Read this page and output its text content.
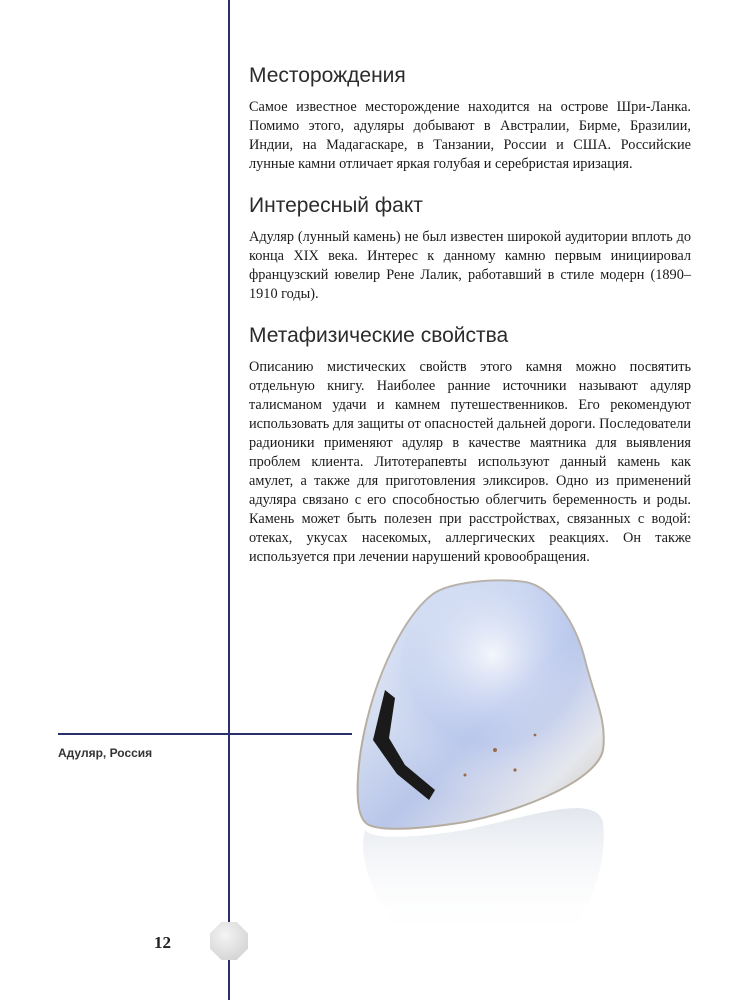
Месторождения

Самое известное месторождение находится на острове Шри-Ланка. Помимо этого, адуляры добывают в Австралии, Бирме, Бразилии, Индии, на Мадагаскаре, в Танзании, России и США. Российские лунные камни отличает яркая голубая и серебристая иризация.

Интересный факт

Адуляр (лунный камень) не был известен широкой аудитории вплоть до конца XIX века. Интерес к данному камню первым инициировал французский ювелир Рене Лалик, работавший в стиле модерн (1890–1910 годы).

Метафизические свойства

Описанию мистических свойств этого камня можно посвятить отдельную книгу. Наиболее ранние источники называют адуляр талисманом удачи и камнем путешественников. Его рекомендуют использовать для защиты от опасностей дальней дороги. Последователи радионики применяют адуляр в качестве маятника для выявления проблем клиента. Литотерапевты используют данный камень как амулет, а также для приготовления эликсиров. Одно из применений адуляра связано с его способностью облегчить беременность и роды. Камень может быть полезен при расстройствах, связанных с водой: отеках, укусах насекомых, аллергических реакциях. Он также используется при лечении нарушений кровообращения.

Адуляр, Россия
12
